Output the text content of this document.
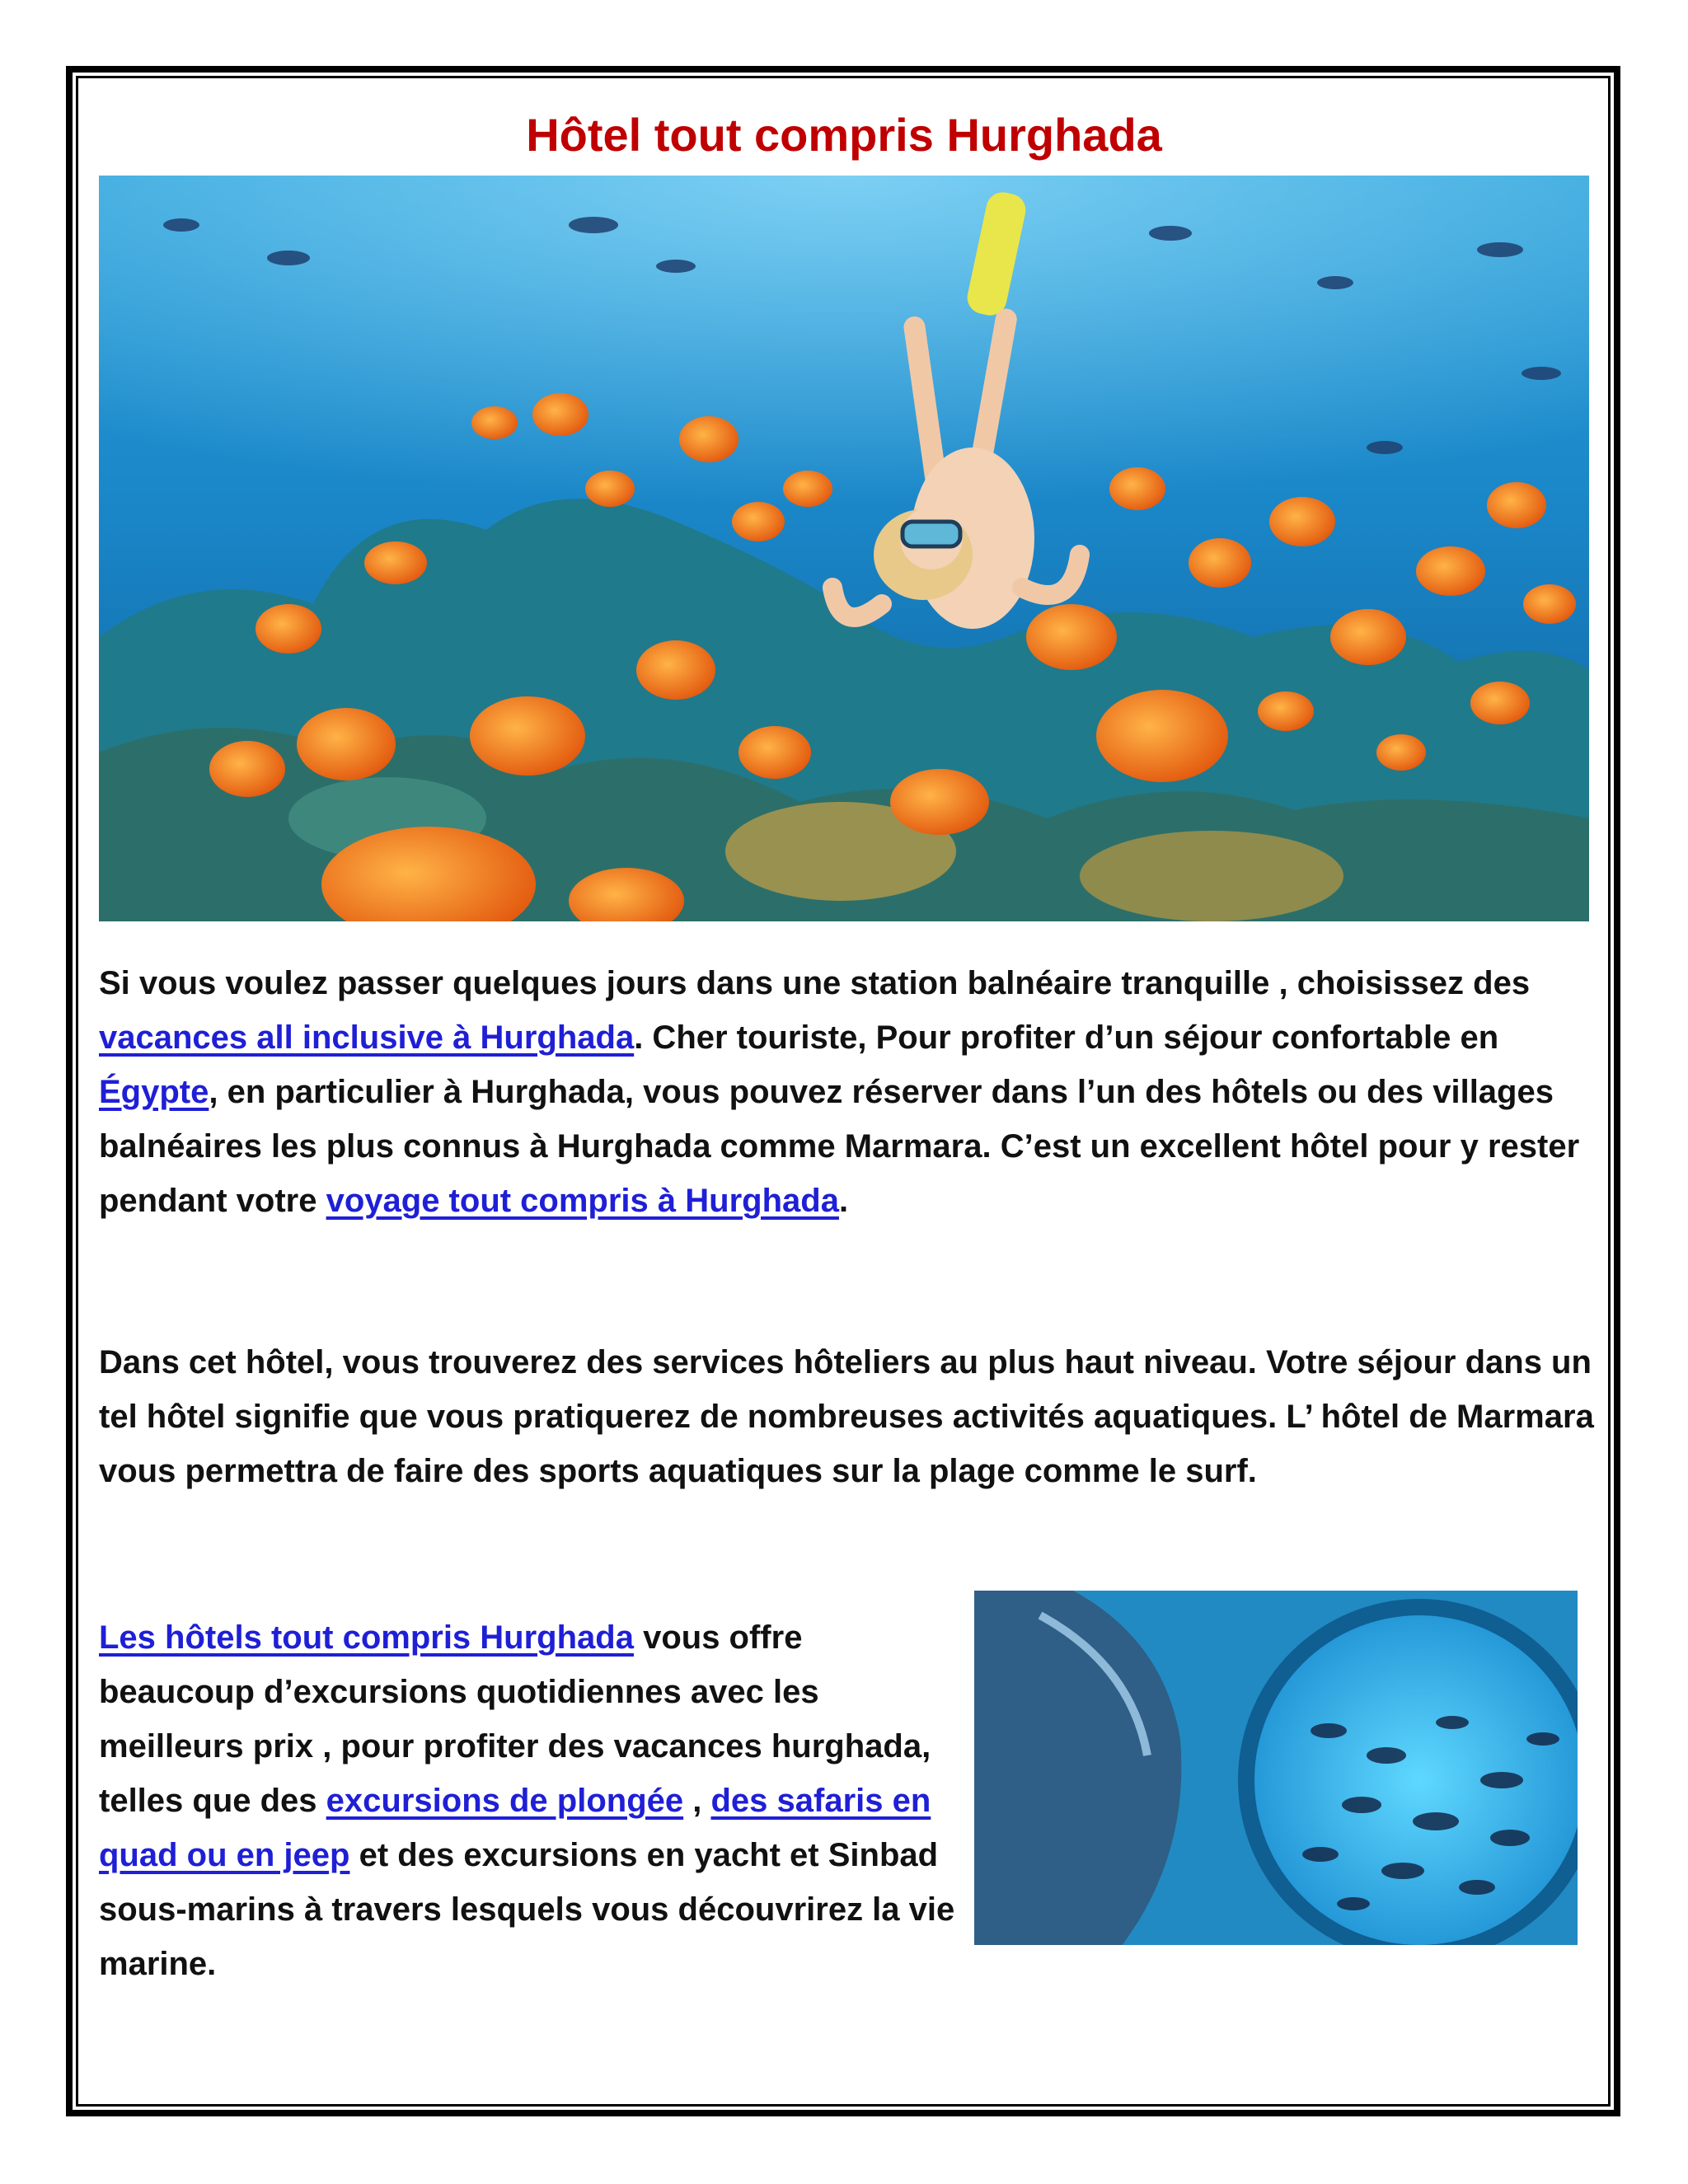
Hôtel tout compris Hurghada

Si vous voulez passer quelques jours dans une station balnéaire tranquille , choisissez des vacances all inclusive à Hurghada. Cher touriste, Pour profiter d’un séjour confortable en Égypte, en particulier à Hurghada, vous pouvez réserver dans l’un des hôtels ou des villages balnéaires les plus connus à Hurghada comme Marmara. C’est un excellent hôtel pour y rester pendant votre voyage tout compris à Hurghada.

Dans cet hôtel, vous trouverez des services hôteliers au plus haut niveau. Votre séjour dans un tel hôtel signifie que vous pratiquerez de nombreuses activités aquatiques. L’ hôtel de Marmara vous permettra de faire des sports aquatiques sur la plage comme le surf.

Les hôtels tout compris Hurghada vous offre beaucoup d’excursions quotidiennes avec les meilleurs prix , pour profiter des vacances hurghada, telles que des excursions de plongée , des safaris en quad ou en jeep et des excursions en yacht et Sinbad sous-marins à travers lesquels vous découvrirez la vie marine.
